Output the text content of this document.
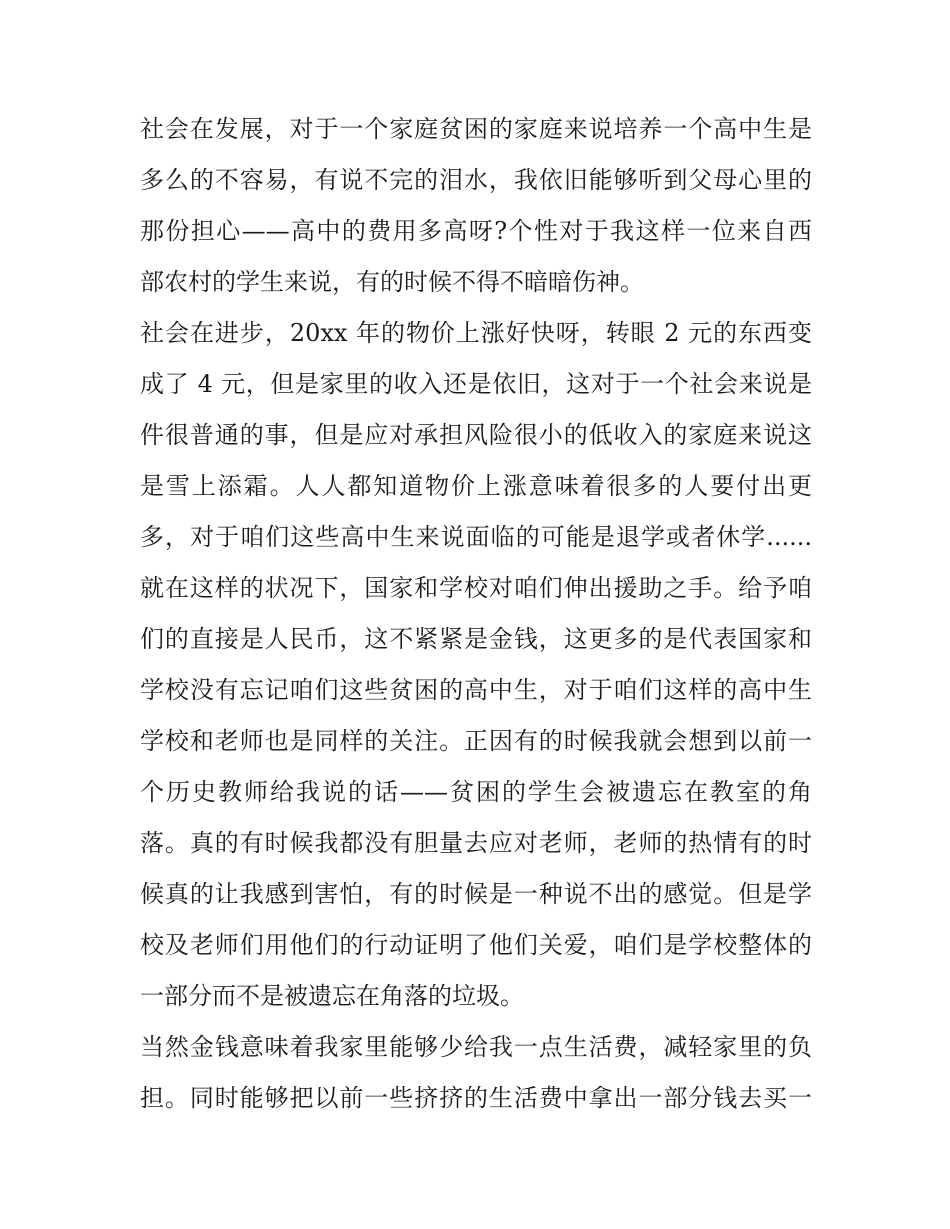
社会在发展，对于一个家庭贫困的家庭来说培养一个高中生是
多么的不容易，有说不完的泪水，我依旧能够听到父母心里的
那份担心——高中的费用多高呀?个性对于我这样一位来自西
部农村的学生来说，有的时候不得不暗暗伤神。

社会在进步，20xx 年的物价上涨好快呀，转眼 2 元的东西变
成了 4 元，但是家里的收入还是依旧，这对于一个社会来说是
件很普通的事，但是应对承担风险很小的低收入的家庭来说这
是雪上添霜。人人都知道物价上涨意味着很多的人要付出更
多，对于咱们这些高中生来说面临的可能是退学或者休学......

就在这样的状况下，国家和学校对咱们伸出援助之手。给予咱
们的直接是人民币，这不紧紧是金钱，这更多的是代表国家和
学校没有忘记咱们这些贫困的高中生，对于咱们这样的高中生
学校和老师也是同样的关注。正因有的时候我就会想到以前一
个历史教师给我说的话——贫困的学生会被遗忘在教室的角
落。真的有时候我都没有胆量去应对老师，老师的热情有的时
候真的让我感到害怕，有的时候是一种说不出的感觉。但是学
校及老师们用他们的行动证明了他们关爱，咱们是学校整体的
一部分而不是被遗忘在角落的垃圾。

当然金钱意味着我家里能够少给我一点生活费，减轻家里的负
担。同时能够把以前一些挤挤的生活费中拿出一部分钱去买一
